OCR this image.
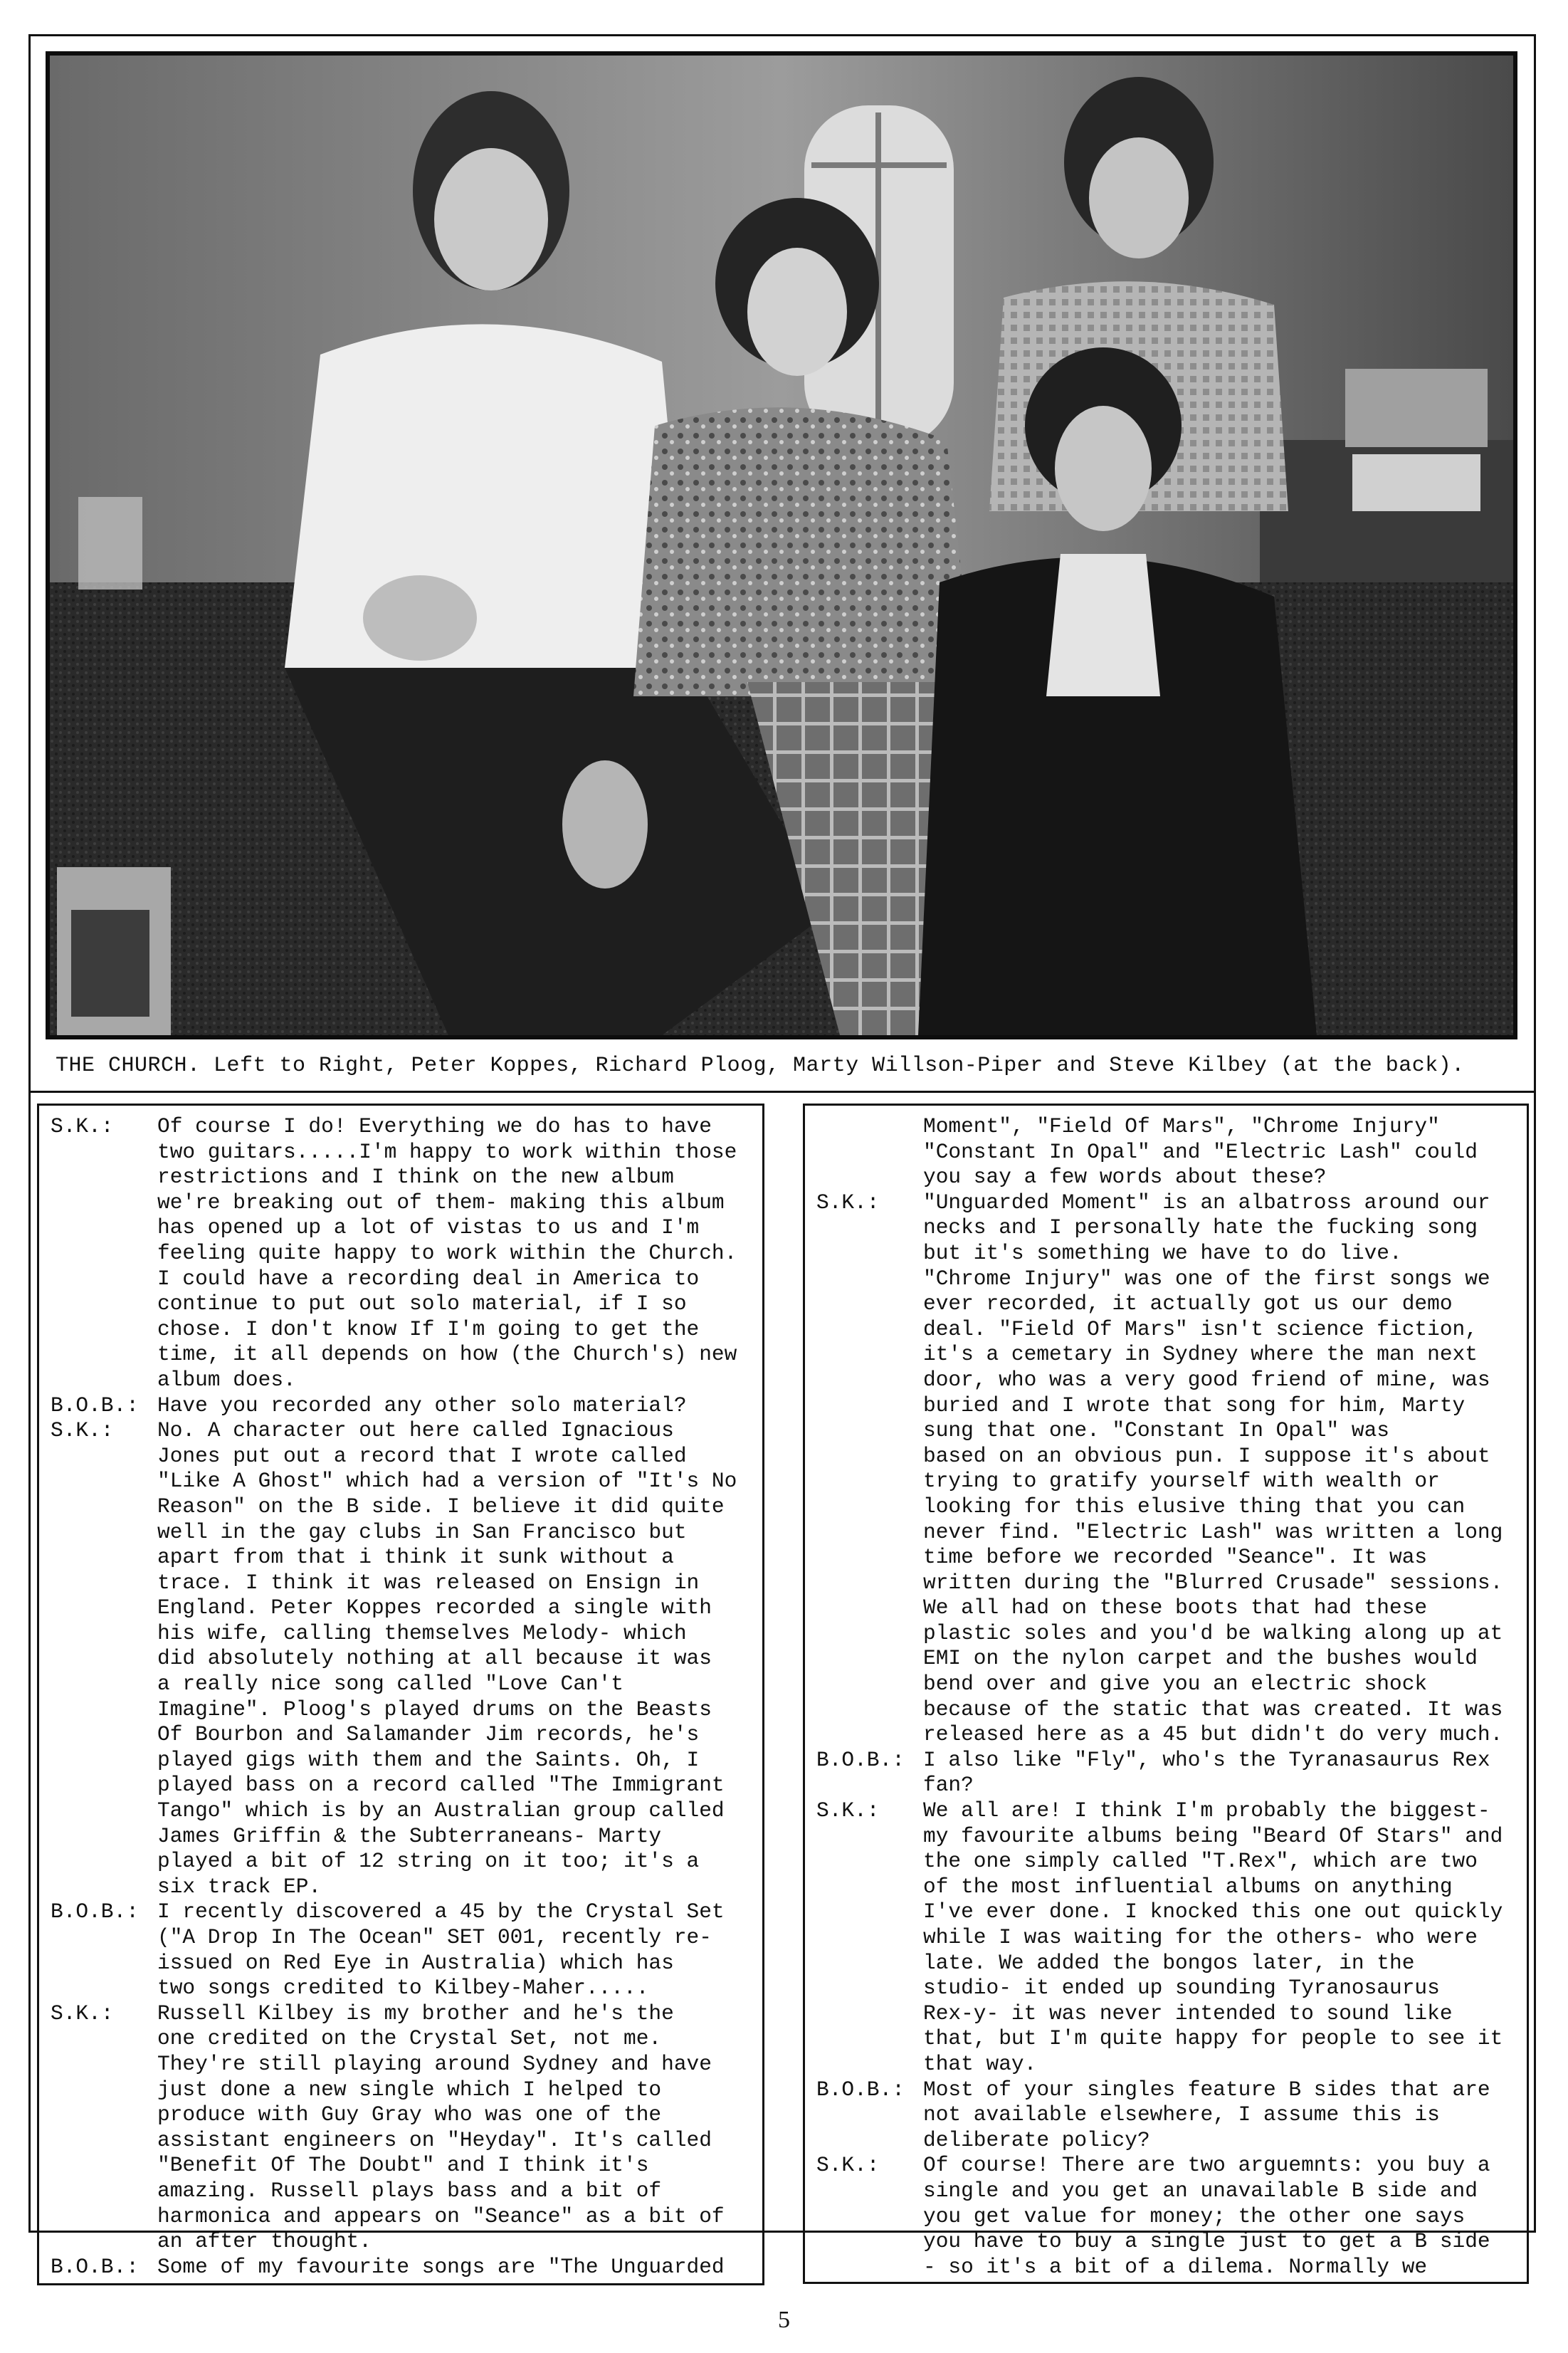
THE CHURCH. Left to Right, Peter Koppes, Richard Ploog, Marty Willson-Piper and Steve Kilbey (at the back).
S.K.:	Of course I do! Everything we do has to have
two guitars.....I'm happy to work within those
restrictions and I think on the new album
we're breaking out of them- making this album
has opened up a lot of vistas to us and I'm
feeling quite happy to work within the Church.
I could have a recording deal in America to
continue to put out solo material, if I so
chose. I don't know If I'm going to get the
time, it all depends on how (the Church's) new
album does.
B.O.B.: Have you recorded any other solo material?
S.K.:	No. A character out here called Ignacious
Jones put out a record that I wrote called
"Like A Ghost" which had a version of "It's No
Reason" on the B side. I believe it did quite
well in the gay clubs in San Francisco but
apart from that i think it sunk without a
trace. I think it was released on Ensign in
England. Peter Koppes recorded a single with
his wife, calling themselves Melody- which
did absolutely nothing at all because it was
a really nice song called "Love Can't
Imagine". Ploog's played drums on the Beasts
Of Bourbon and Salamander Jim records, he's
played gigs with them and the Saints. Oh, I
played bass on a record called "The Immigrant
Tango" which is by an Australian group called
James Griffin & the Subterraneans- Marty
played a bit of 12 string on it too; it's a
six track EP.
B.O.B.: I recently discovered a 45 by the Crystal Set
("A Drop In The Ocean" SET 001, recently re-
issued on Red Eye in Australia) which has
two songs credited to Kilbey-Maher.....
S.K.:	Russell Kilbey is my brother and he's the
one credited on the Crystal Set, not me.
They're still playing around Sydney and have
just done a new single which I helped to
produce with Guy Gray who was one of the
assistant engineers on "Heyday". It's called
"Benefit Of The Doubt" and I think it's
amazing. Russell plays bass and a bit of
harmonica and appears on "Seance" as a bit of
an after thought.
B.O.B.: Some of my favourite songs are "The Unguarded
Moment", "Field Of Mars", "Chrome Injury"
"Constant In Opal" and "Electric Lash" could
you say a few words about these?
S.K.:	"Unguarded Moment" is an albatross around our
necks and I personally hate the fucking song
but it's something we have to do live.
"Chrome Injury" was one of the first songs we
ever recorded, it actually got us our demo
deal. "Field Of Mars" isn't science fiction,
it's a cemetary in Sydney where the man next
door, who was a very good friend of mine, was
buried and I wrote that song for him, Marty
sung that one. "Constant In Opal" was
based on an obvious pun. I suppose it's about
trying to gratify yourself with wealth or
looking for this elusive thing that you can
never find. "Electric Lash" was written a long
time before we recorded "Seance". It was
written during the "Blurred Crusade" sessions.
We all had on these boots that had these
plastic soles and you'd be walking along up at
EMI on the nylon carpet and the bushes would
bend over and give you an electric shock
because of the static that was created. It was
released here as a 45 but didn't do very much.
B.O.B.: I also like "Fly", who's the Tyranasaurus Rex
fan?
S.K.:	We all are! I think I'm probably the biggest-
my favourite albums being "Beard Of Stars" and
the one simply called "T.Rex", which are two
of the most influential albums on anything
I've ever done. I knocked this one out quickly
while I was waiting for the others- who were
late. We added the bongos later, in the
studio- it ended up sounding Tyranosaurus
Rex-y- it was never intended to sound like
that, but I'm quite happy for people to see it
that way.
B.O.B.: Most of your singles feature B sides that are
not available elsewhere, I assume this is
deliberate policy?
S.K.:	Of course! There are two arguemnts: you buy a
single and you get an unavailable B side and
you get value for money; the other one says
you have to buy a single just to get a B side
- so it's a bit of a dilema. Normally we
5
